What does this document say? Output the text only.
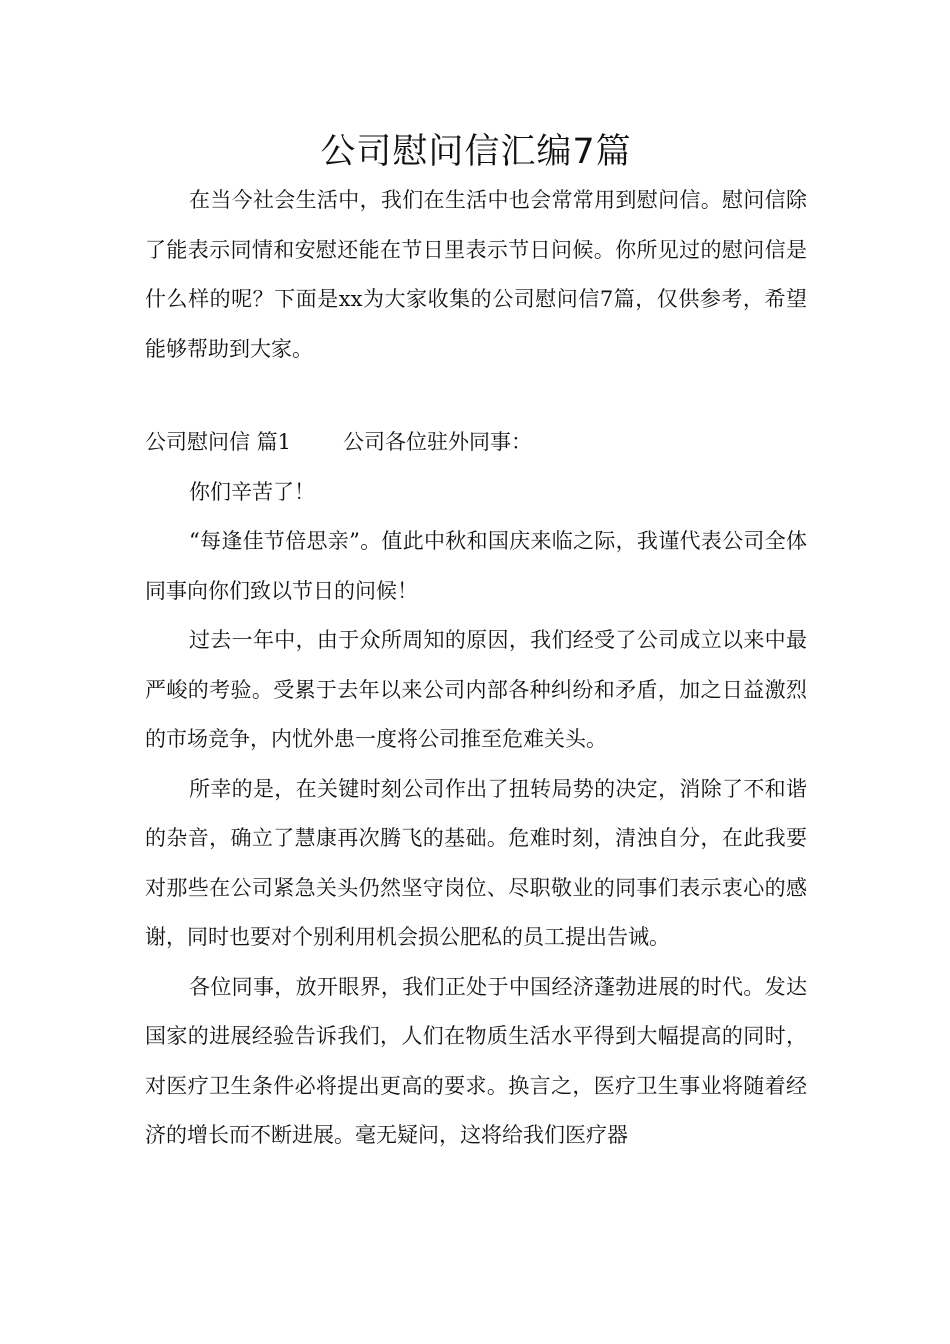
公司慰问信汇编7篇

在当今社会生活中，我们在生活中也会常常用到慰问信。慰问信除了能表示同情和安慰还能在节日里表示节日问候。你所见过的慰问信是什么样的呢？下面是xx为大家收集的公司慰问信7篇，仅供参考，希望能够帮助到大家。

公司慰问信 篇1 公司各位驻外同事：

你们辛苦了！

“每逢佳节倍思亲”。值此中秋和国庆来临之际，我谨代表公司全体同事向你们致以节日的问候！

过去一年中，由于众所周知的原因，我们经受了公司成立以来中最严峻的考验。受累于去年以来公司内部各种纠纷和矛盾，加之日益激烈的市场竞争，内忧外患一度将公司推至危难关头。

所幸的是，在关键时刻公司作出了扭转局势的决定，消除了不和谐的杂音，确立了慧康再次腾飞的基础。危难时刻，清浊自分，在此我要对那些在公司紧急关头仍然坚守岗位、尽职敬业的同事们表示衷心的感谢，同时也要对个别利用机会损公肥私的员工提出告诫。

各位同事，放开眼界，我们正处于中国经济蓬勃进展的时代。发达国家的进展经验告诉我们，人们在物质生活水平得到大幅提高的同时，对医疗卫生条件必将提出更高的要求。换言之，医疗卫生事业将随着经济的增长而不断进展。毫无疑问，这将给我们医疗器
